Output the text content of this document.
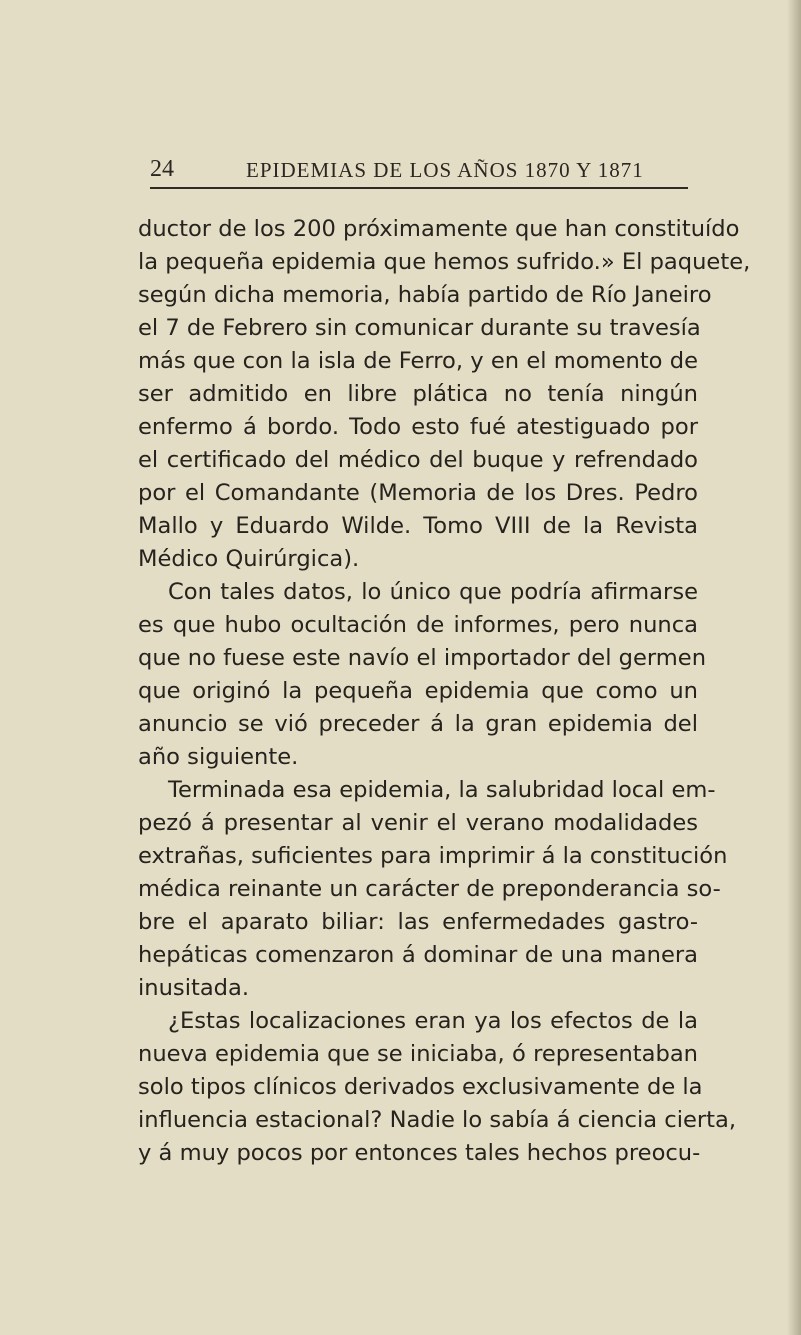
24	EPIDEMIAS DE LOS AÑOS 1870 Y 1871
ductor de los 200 próximamente que han constituído
la pequeña epidemia que hemos sufrido.» El paquete,
según dicha memoria, había partido de Río Janeiro
el 7 de Febrero sin comunicar durante su travesía
más que con la isla de Ferro, y en el momento de
ser admitido en libre plática no tenía ningún
enfermo á bordo. Todo esto fué atestiguado por
el certificado del médico del buque y refrendado
por el Comandante (Memoria de los Dres. Pedro
Mallo y Eduardo Wilde. Tomo VIII de la Revista
Médico Quirúrgica).
Con tales datos, lo único que podría afirmarse
es que hubo ocultación de informes, pero nunca
que no fuese este navío el importador del germen
que originó la pequeña epidemia que como un
anuncio se vió preceder á la gran epidemia del
año siguiente.
Terminada esa epidemia, la salubridad local em-
pezó á presentar al venir el verano modalidades
extrañas, suficientes para imprimir á la constitución
médica reinante un carácter de preponderancia so-
bre el aparato biliar: las enfermedades gastro-
hepáticas comenzaron á dominar de una manera
inusitada.
¿Estas localizaciones eran ya los efectos de la
nueva epidemia que se iniciaba, ó representaban
solo tipos clínicos derivados exclusivamente de la
influencia estacional? Nadie lo sabía á ciencia cierta,
y á muy pocos por entonces tales hechos preocu-
